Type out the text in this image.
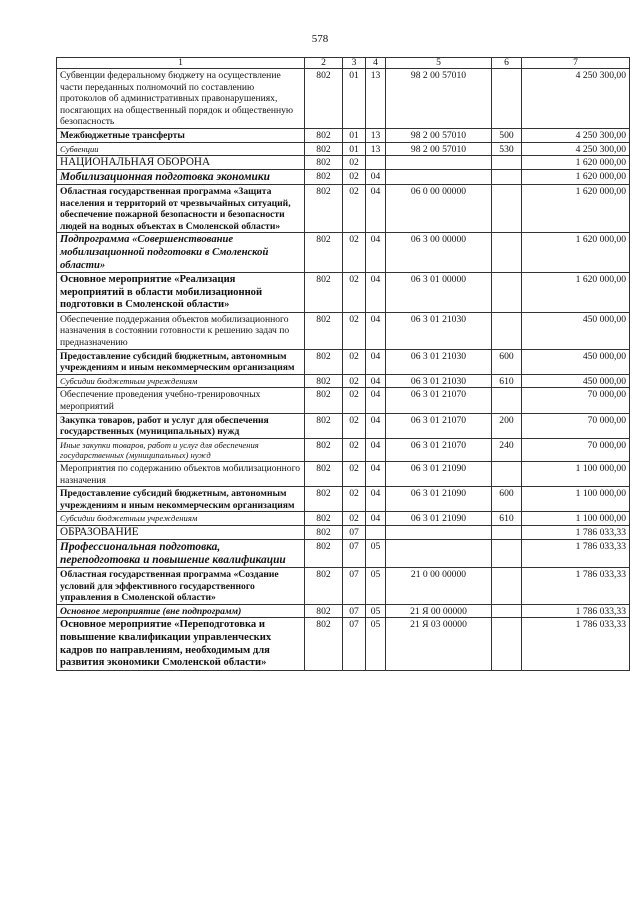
578
1	2	3	4	5	6	7
Субвенции федеральному бюджету на осуществление части переданных полномочий по составлению протоколов об административных правонарушениях, посягающих на общественный порядок и общественную безопасность	802	01	13	98 2 00 57010		4 250 300,00
Межбюджетные трансферты	802	01	13	98 2 00 57010	500	4 250 300,00
Субвенции	802	01	13	98 2 00 57010	530	4 250 300,00
НАЦИОНАЛЬНАЯ ОБОРОНА	802	02				1 620 000,00
Мобилизационная подготовка экономики	802	02	04			1 620 000,00
Областная государственная программа «Защита населения и территорий от чрезвычайных ситуаций, обеспечение пожарной безопасности и безопасности людей на водных объектах в Смоленской области»	802	02	04	06 0 00 00000		1 620 000,00
Подпрограмма «Совершенствование мобилизационной подготовки в Смоленской области»	802	02	04	06 3 00 00000		1 620 000,00
Основное мероприятие «Реализация мероприятий в области мобилизационной подготовки в Смоленской области»	802	02	04	06 3 01 00000		1 620 000,00
Обеспечение поддержания объектов мобилизационного назначения в состоянии готовности к решению задач по предназначению	802	02	04	06 3 01 21030		450 000,00
Предоставление субсидий бюджетным, автономным учреждениям и иным некоммерческим организациям	802	02	04	06 3 01 21030	600	450 000,00
Субсидии бюджетным учреждениям	802	02	04	06 3 01 21030	610	450 000,00
Обеспечение проведения учебно-тренировочных мероприятий	802	02	04	06 3 01 21070		70 000,00
Закупка товаров, работ и услуг для обеспечения государственных (муниципальных) нужд	802	02	04	06 3 01 21070	200	70 000,00
Иные закупки товаров, работ и услуг для обеспечения государственных (муниципальных) нужд	802	02	04	06 3 01 21070	240	70 000,00
Мероприятия по содержанию объектов мобилизационного назначения	802	02	04	06 3 01 21090		1 100 000,00
Предоставление субсидий бюджетным, автономным учреждениям и иным некоммерческим организациям	802	02	04	06 3 01 21090	600	1 100 000,00
Субсидии бюджетным учреждениям	802	02	04	06 3 01 21090	610	1 100 000,00
ОБРАЗОВАНИЕ	802	07				1 786 033,33
Профессиональная подготовка, переподготовка и повышение квалификации	802	07	05			1 786 033,33
Областная государственная программа «Создание условий для эффективного государственного управления в Смоленской области»	802	07	05	21 0 00 00000		1 786 033,33
Основное мероприятие (вне подпрограмм)	802	07	05	21 Я 00 00000		1 786 033,33
Основное мероприятие «Переподготовка и повышение квалификации управленческих кадров по направлениям, необходимым для развития экономики Смоленской области»	802	07	05	21 Я 03 00000		1 786 033,33
